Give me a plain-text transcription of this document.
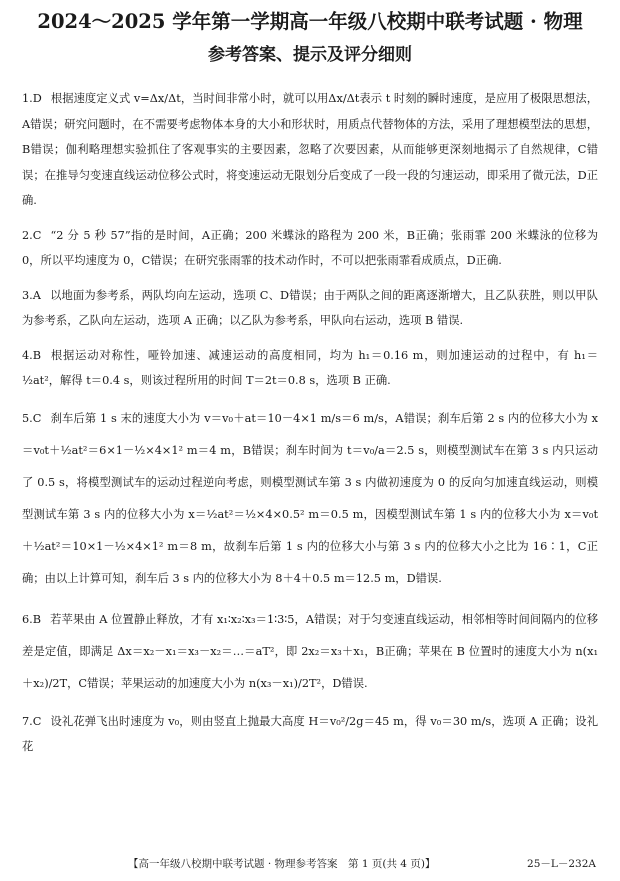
2024～2025 学年第一学期高一年级八校期中联考试题 · 物理
参考答案、提示及评分细则
1.D 根据速度定义式 v=Δx/Δt，当时间非常小时，就可以用Δx/Δt表示 t 时刻的瞬时速度，是应用了极限思想法，A错误；研究问题时，在不需要考虑物体本身的大小和形状时，用质点代替物体的方法，采用了理想模型法的思想，B错误；伽利略理想实验抓住了客观事实的主要因素，忽略了次要因素，从而能够更深刻地揭示了自然规律，C错误；在推导匀变速直线运动位移公式时，将变速运动无限划分后变成了一段一段的匀速运动，即采用了微元法，D正确.
2.C “2 分 5 秒 57”指的是时间，A正确；200 米蝶泳的路程为 200 米，B正确；张雨霏 200 米蝶泳的位移为 0，所以平均速度为 0，C错误；在研究张雨霏的技术动作时，不可以把张雨霏看成质点，D正确.
3.A 以地面为参考系，两队均向左运动，选项 C、D错误；由于两队之间的距离逐渐增大，且乙队获胜，则以甲队为参考系，乙队向左运动，选项 A 正确；以乙队为参考系，甲队向右运动，选项 B 错误.
4.B 根据运动对称性，哑铃加速、减速运动的高度相同，均为 h₁＝0.16 m，则加速运动的过程中，有 h₁＝½at²，解得 t＝0.4 s，则该过程所用的时间 T＝2t＝0.8 s，选项 B 正确.
5.C 刹车后第 1 s 末的速度大小为 v＝v₀＋at＝10－4×1 m/s＝6 m/s，A错误；刹车后第 2 s 内的位移大小为 x＝v₀t＋½at²＝6×1－½×4×1² m＝4 m，B错误；刹车时间为 t＝v₀/a＝2.5 s，则模型测试车在第 3 s 内只运动了 0.5 s，将模型测试车的运动过程逆向考虑，则模型测试车第 3 s 内做初速度为 0 的反向匀加速直线运动，则模型测试车第 3 s 内的位移大小为 x＝½at²＝½×4×0.5² m＝0.5 m，因模型测试车第 1 s 内的位移大小为 x＝v₀t＋½at²＝10×1－½×4×1² m＝8 m，故刹车后第 1 s 内的位移大小与第 3 s 内的位移大小之比为 16∶1，C正确；由以上计算可知，刹车后 3 s 内的位移大小为 8＋4＋0.5 m＝12.5 m，D错误.
6.B 若苹果由 A 位置静止释放，才有 x₁∶x₂∶x₃＝1∶3∶5，A错误；对于匀变速直线运动，相邻相等时间间隔内的位移差是定值，即满足 Δx＝x₂－x₁＝x₃－x₂＝…＝aT²，即 2x₂＝x₃＋x₁，B正确；苹果在 B 位置时的速度大小为 n(x₁＋x₂)/2T，C错误；苹果运动的加速度大小为 n(x₃－x₁)/2T²，D错误.
7.C 设礼花弹飞出时速度为 v₀，则由竖直上抛最大高度 H＝v₀²/2g＝45 m，得 v₀＝30 m/s，选项 A 正确；设礼花
【高一年级八校期中联考试题 · 物理参考答案　第 1 页(共 4 页)】	25－L－232A
